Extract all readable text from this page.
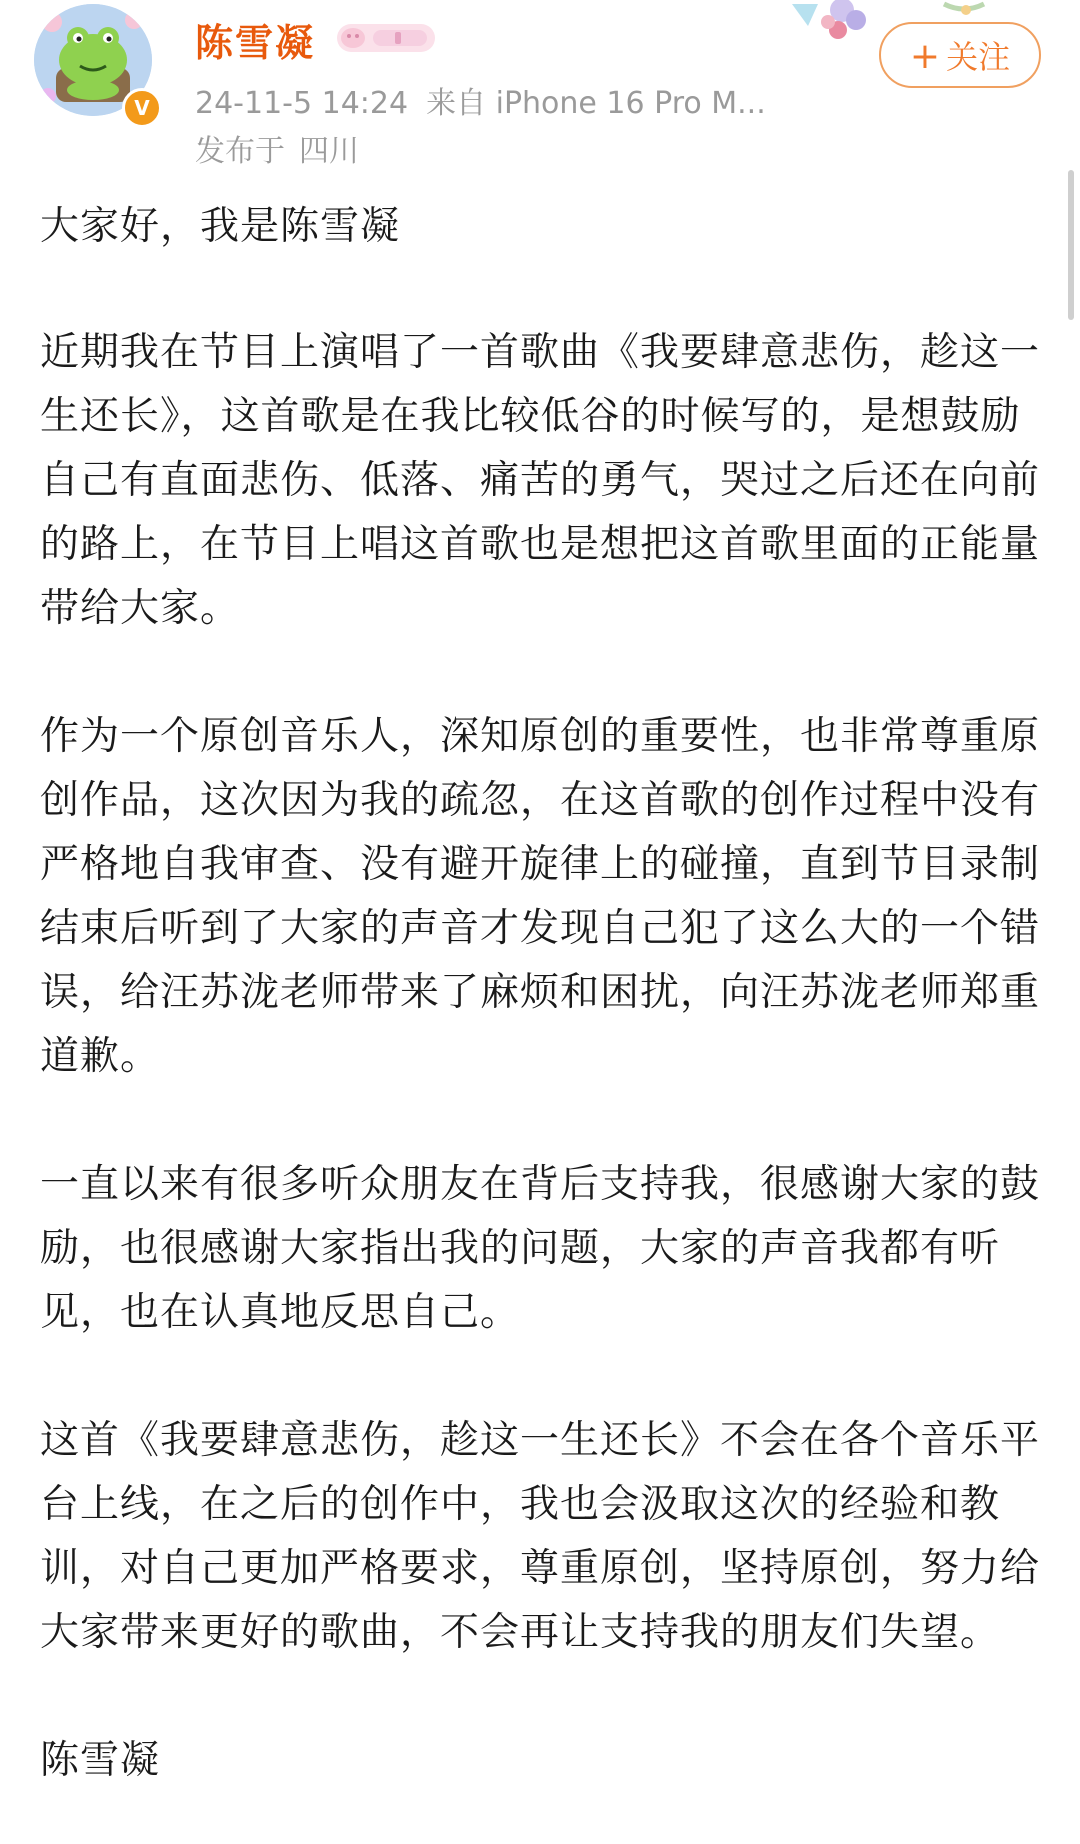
V
陈雪凝
24-11-5 14:24 来自 iPhone 16 Pro M...
发布于 四川
+ 关注

大家好，我是陈雪凝

近期我在节目上演唱了一首歌曲《我要肆意悲伤，趁这一生还长》，这首歌是在我比较低谷的时候写的，是想鼓励自己有直面悲伤、低落、痛苦的勇气，哭过之后还在向前的路上，在节目上唱这首歌也是想把这首歌里面的正能量带给大家。

作为一个原创音乐人，深知原创的重要性，也非常尊重原创作品，这次因为我的疏忽，在这首歌的创作过程中没有严格地自我审查、没有避开旋律上的碰撞，直到节目录制结束后听到了大家的声音才发现自己犯了这么大的一个错误，给汪苏泷老师带来了麻烦和困扰，向汪苏泷老师郑重道歉。

一直以来有很多听众朋友在背后支持我，很感谢大家的鼓励，也很感谢大家指出我的问题，大家的声音我都有听见，也在认真地反思自己。

这首《我要肆意悲伤，趁这一生还长》不会在各个音乐平台上线，在之后的创作中，我也会汲取这次的经验和教训，对自己更加严格要求，尊重原创，坚持原创，努力给大家带来更好的歌曲，不会再让支持我的朋友们失望。

陈雪凝
